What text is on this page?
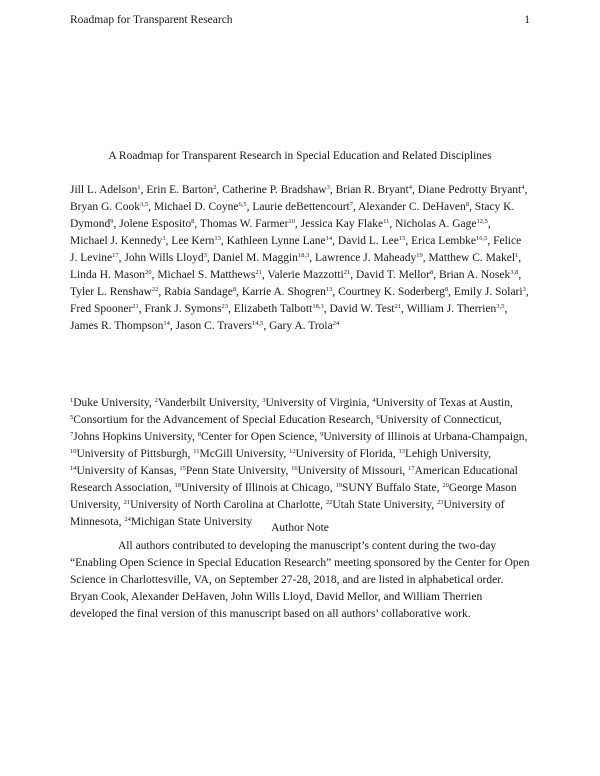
Roadmap for Transparent Research	1
A Roadmap for Transparent Research in Special Education and Related Disciplines
Jill L. Adelson$^1$, Erin E. Barton$^2$, Catherine P. Bradshaw$^3$, Brian R. Bryant$^4$, Diane Pedrotty Bryant$^4$, Bryan G. Cook$^{3,5}$, Michael D. Coyne$^{6,5}$, Laurie deBettencourt$^7$, Alexander C. DeHaven$^8$, Stacy K. Dymond$^9$, Jolene Esposito$^8$, Thomas W. Farmer$^{10}$, Jessica Kay Flake$^{11}$, Nicholas A. Gage$^{12,5}$, Michael J. Kennedy$^3$, Lee Kern$^{13}$, Kathleen Lynne Lane$^{14}$, David L. Lee$^{15}$, Erica Lembke$^{16,5}$, Felice J. Levine$^{17}$, John Wills Lloyd$^3$, Daniel M. Maggin$^{18,3}$, Lawrence J. Maheady$^{19}$, Matthew C. Makel$^1$, Linda H. Mason$^{20}$, Michael S. Matthews$^{21}$, Valerie Mazzotti$^{21}$, David T. Mellor$^8$, Brian A. Nosek$^{3,8}$, Tyler L. Renshaw$^{22}$, Rabia Sandage$^8$, Karrie A. Shogren$^{13}$, Courtney K. Soderberg$^8$, Emily J. Solari$^3$, Fred Spooner$^{21}$, Frank J. Symons$^{23}$, Elizabeth Talbott$^{18,3}$, David W. Test$^{21}$, William J. Therrien$^{3,5}$, James R. Thompson$^{14}$, Jason C. Travers$^{14,5}$, Gary A. Troia$^{24}$
$^1$Duke University, $^2$Vanderbilt University, $^3$University of Virginia, $^4$University of Texas at Austin, $^5$Consortium for the Advancement of Special Education Research, $^6$University of Connecticut, $^7$Johns Hopkins University, $^8$Center for Open Science, $^9$University of Illinois at Urbana-Champaign, $^{10}$University of Pittsburgh, $^{11}$McGill University, $^{12}$University of Florida, $^{13}$Lehigh University, $^{14}$University of Kansas, $^{15}$Penn State University, $^{16}$University of Missouri, $^{17}$American Educational Research Association, $^{18}$University of Illinois at Chicago, $^{19}$SUNY Buffalo State, $^{20}$George Mason University, $^{21}$University of North Carolina at Charlotte, $^{22}$Utah State University, $^{23}$University of Minnesota, $^{24}$Michigan State University	Author Note
All authors contributed to developing the manuscript’s content during the two-day “Enabling Open Science in Special Education Research” meeting sponsored by the Center for Open Science in Charlottesville, VA, on September 27-28, 2018, and are listed in alphabetical order. Bryan Cook, Alexander DeHaven, John Wills Lloyd, David Mellor, and William Therrien developed the final version of this manuscript based on all authors’ collaborative work.
